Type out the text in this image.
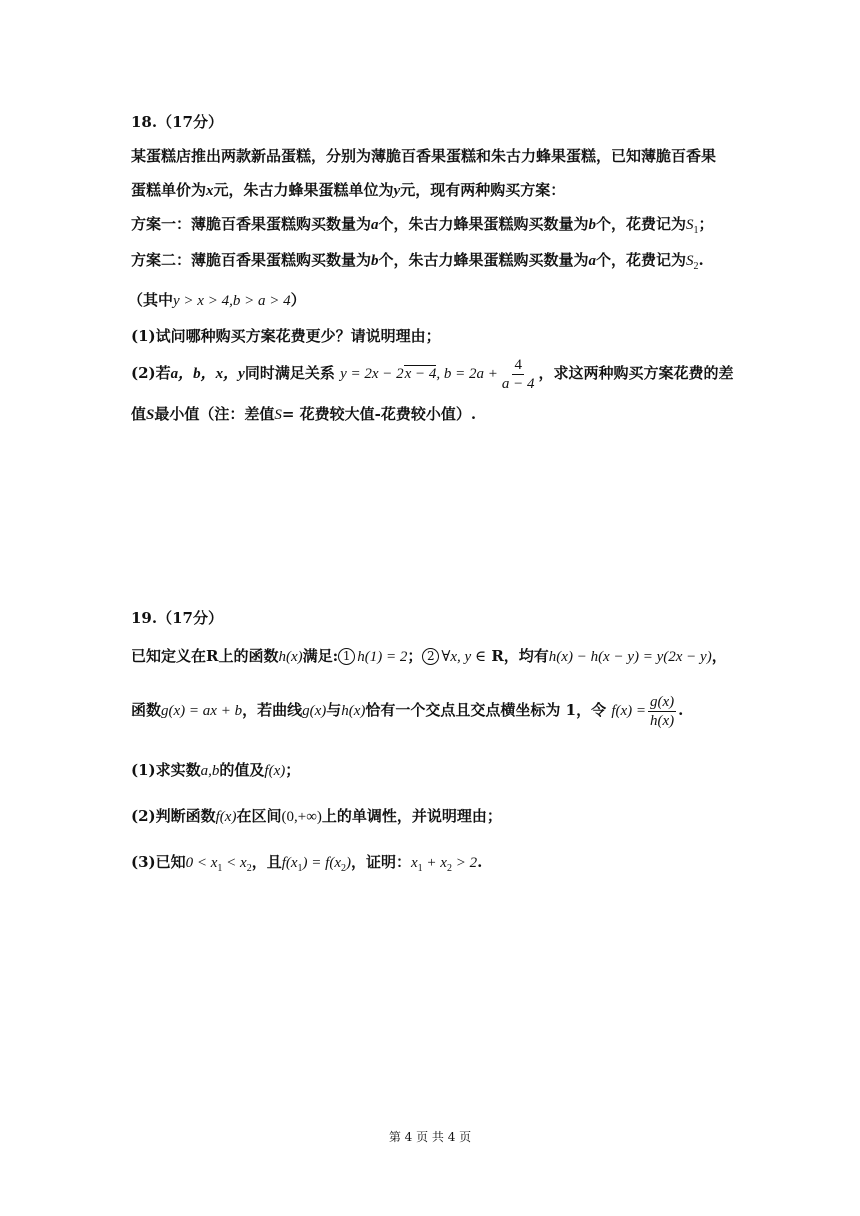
18.（17分）
某蛋糕店推出两款新品蛋糕，分别为薄脆百香果蛋糕和朱古力蜂果蛋糕，已知薄脆百香果
蛋糕单价为x元，朱古力蜂果蛋糕单位为y元，现有两种购买方案：
方案一：薄脆百香果蛋糕购买数量为a个，朱古力蜂果蛋糕购买数量为b个，花费记为$S_1$；
方案二：薄脆百香果蛋糕购买数量为b个，朱古力蜂果蛋糕购买数量为a个，花费记为$S_2$.
（其中y > x > 4,b > a > 4）
(1)试问哪种购买方案花费更少？请说明理由；
(2)若a，b，x，y同时满足关系 y = 2x − 2x − 4, $b = 2a + \frac{4}{a - 4}$ ，求这两种购买方案花费的差
值S最小值（注：差值S= 花费较大值-花费较小值）.
19.（17分）
已知定义在R上的函数h(x)满足: 1 h(1) = 2； 2 ∀x, y ∈ R，均有h(x) − h(x − y) = y(2x − y)，
函数g(x) = ax + b，若曲线g(x)与h(x)恰有一个交点且交点横坐标为 1，令 $f(x) = \frac{g(x)}{h(x)}$ .
(1)求实数a,b的值及f(x)；
(2)判断函数f(x)在区间(0,+∞)上的单调性，并说明理由；
(3)已知$0 < x_1 < x_2$，且$f(x_1) = f(x_2)$，证明：$x_1 + x_2 > 2$.
第 4 页 共 4 页
